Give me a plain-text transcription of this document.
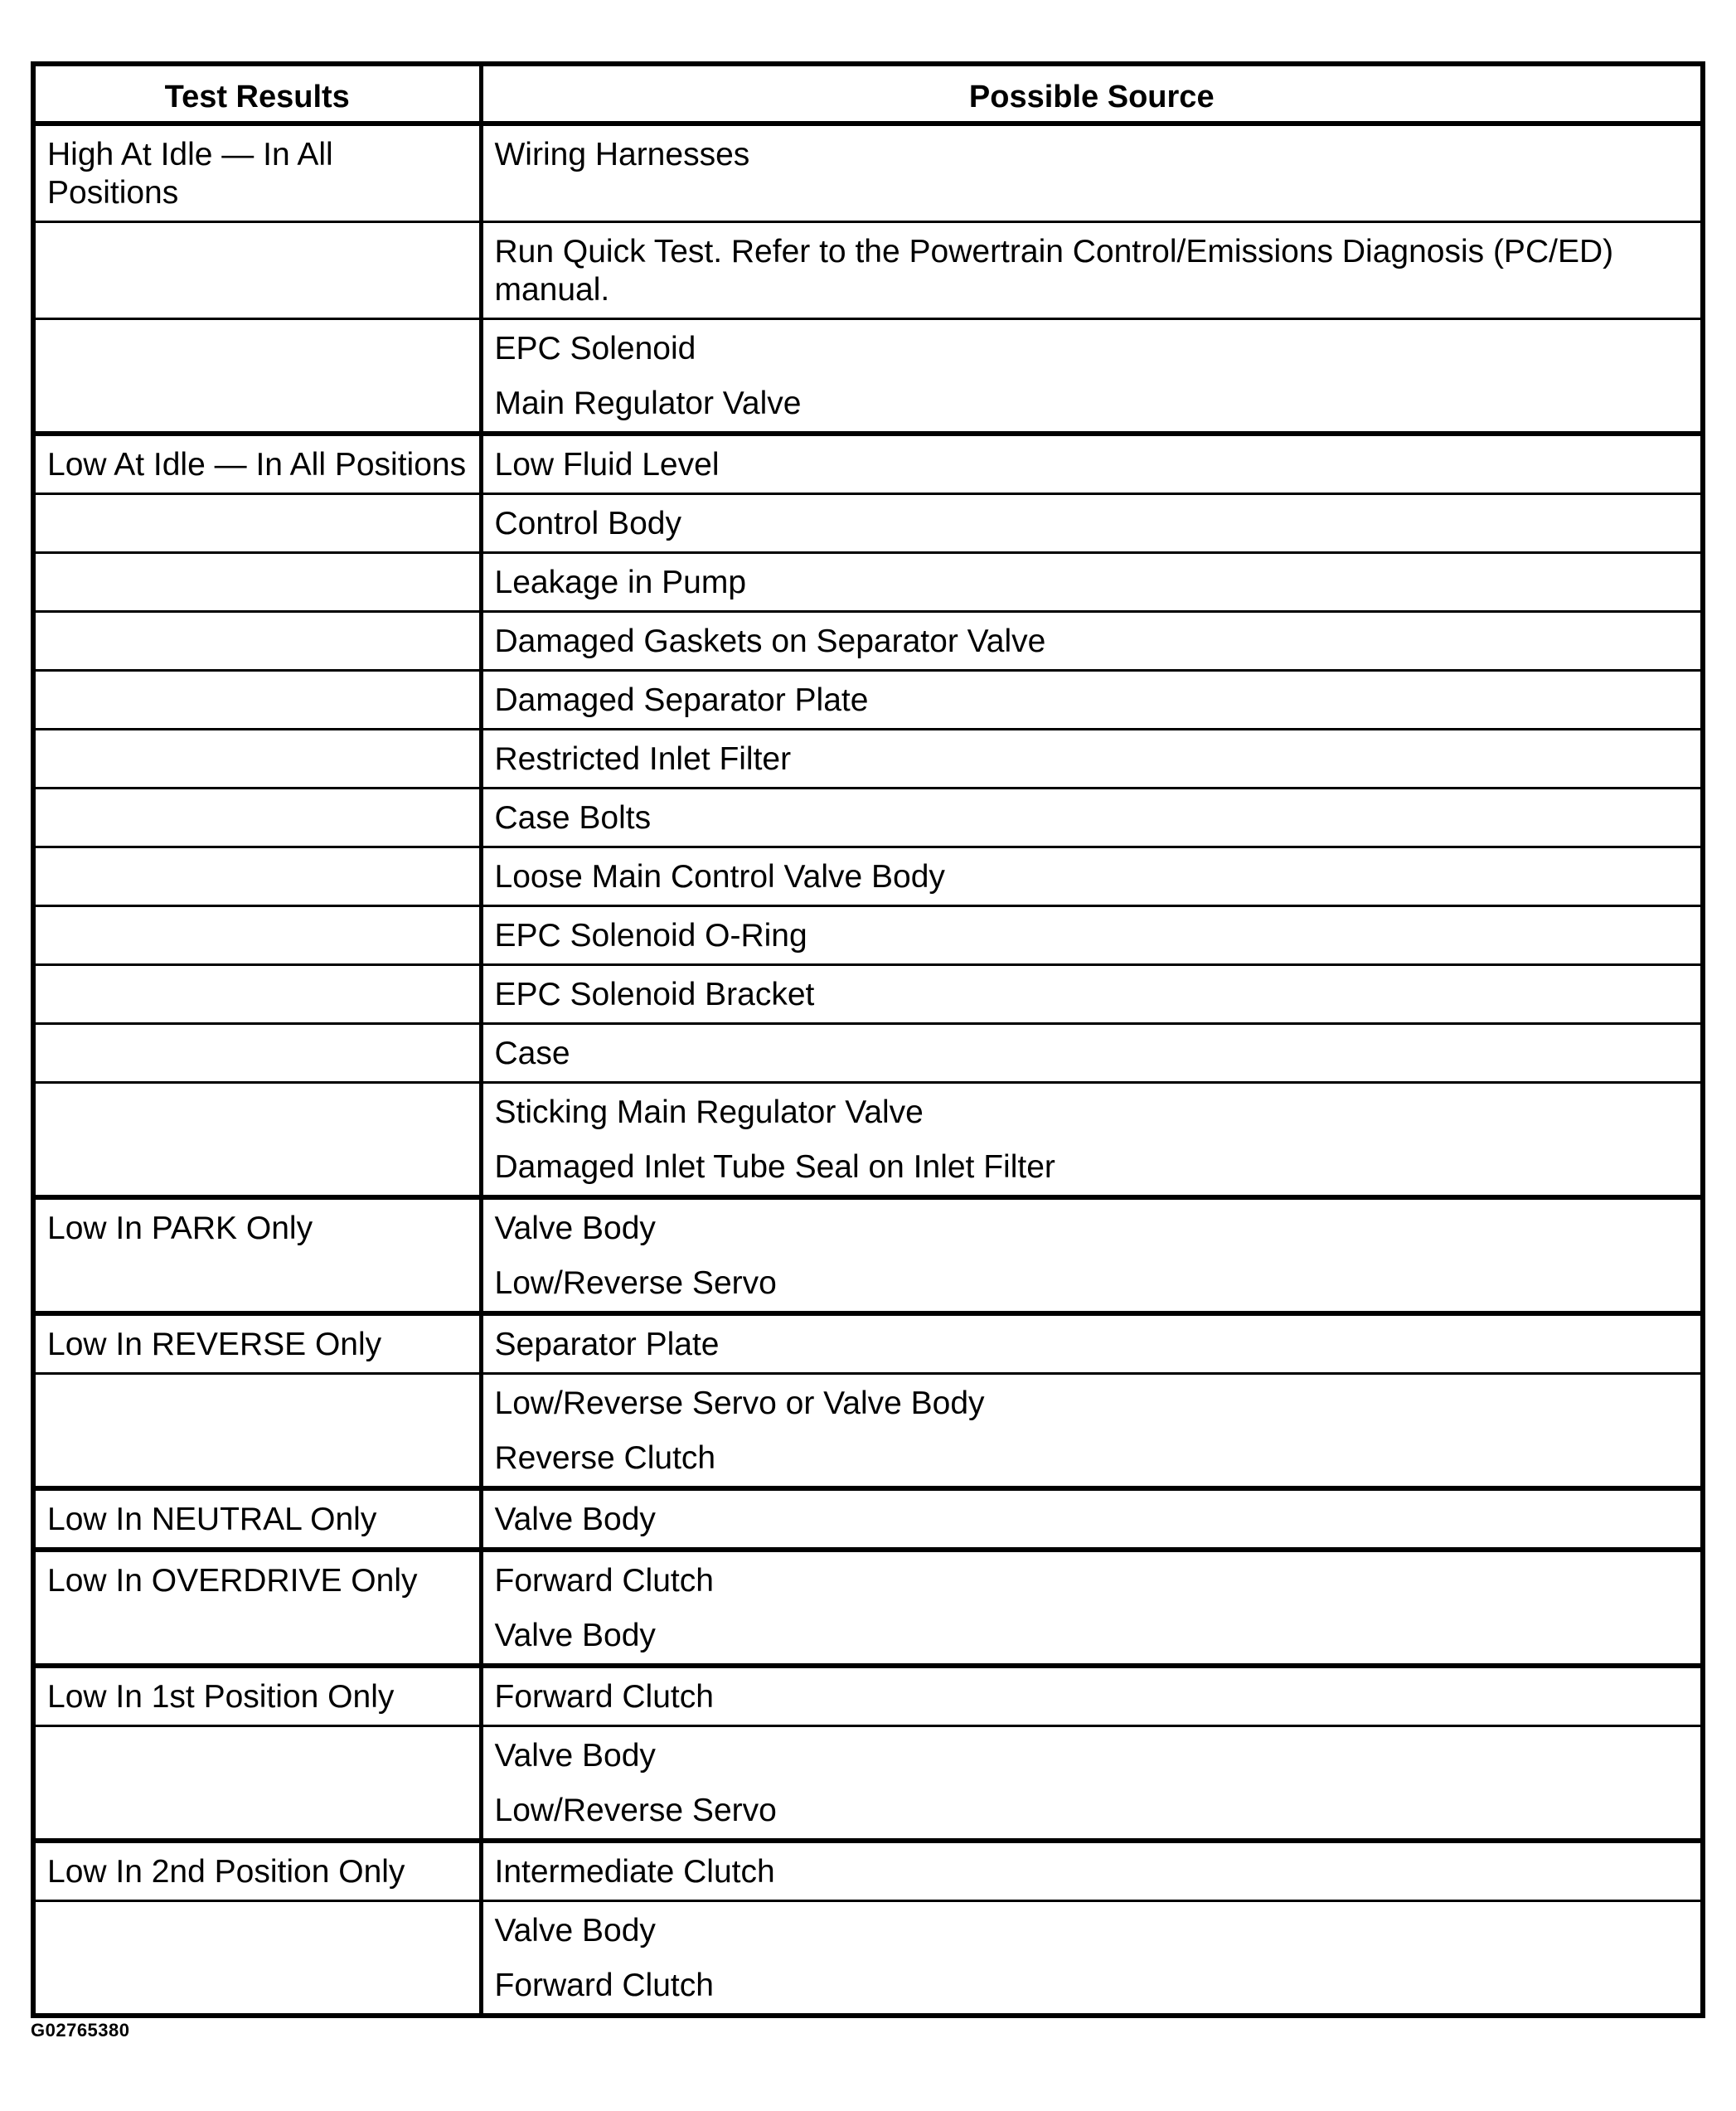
Test Results	Possible Source
High At Idle — In All Positions	Wiring Harnesses

	Run Quick Test. Refer to the Powertrain Control/Emissions Diagnosis (PC/ED) manual.

	EPC Solenoid
Main Regulator Valve

Low At Idle — In All Positions	Low Fluid Level

	Control Body

	Leakage in Pump

	Damaged Gaskets on Separator Valve

	Damaged Separator Plate

	Restricted Inlet Filter

	Case Bolts

	Loose Main Control Valve Body

	EPC Solenoid O-Ring

	EPC Solenoid Bracket

	Case

	Sticking Main Regulator Valve
Damaged Inlet Tube Seal on Inlet Filter

Low In PARK Only	Valve Body
Low/Reverse Servo

Low In REVERSE Only	Separator Plate

	Low/Reverse Servo or Valve Body
Reverse Clutch

Low In NEUTRAL Only	Valve Body

Low In OVERDRIVE Only	Forward Clutch
Valve Body

Low In 1st Position Only	Forward Clutch

	Valve Body
Low/Reverse Servo

Low In 2nd Position Only	Intermediate Clutch

	Valve Body
Forward Clutch
G02765380
